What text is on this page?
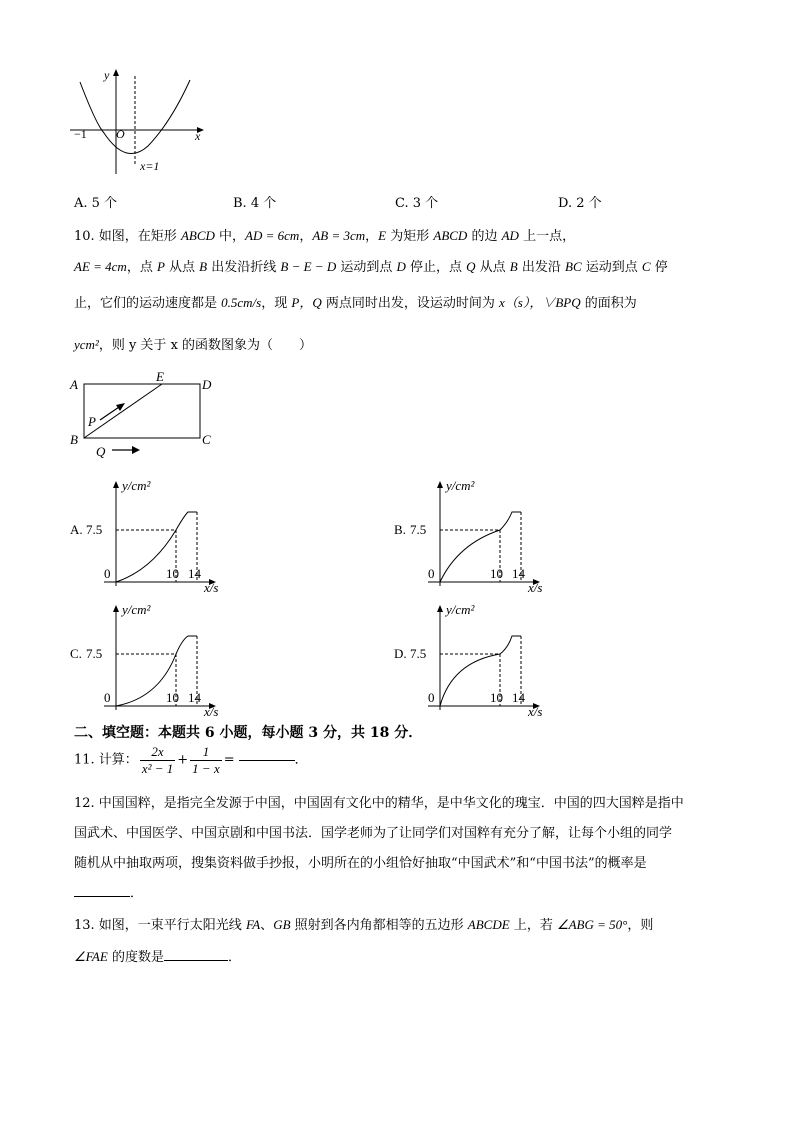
y
x
O
−1
x=1
A. 5 个	B. 4 个	C. 3 个	D. 2 个
10. 如图，在矩形 ABCD 中，AD = 6cm，AB = 3cm，E 为矩形 ABCD 的边 AD 上一点，
AE = 4cm，点 P 从点 B 出发沿折线 B − E − D 运动到点 D 停止，点 Q 从点 B 出发沿 BC 运动到点 C 停
止，它们的运动速度都是 0.5cm/s，现 P，Q 两点同时出发，设运动时间为 x（s），∨BPQ 的面积为
ycm²，则 y 关于 x 的函数图象为（　　）
A
E
D
P
B	C
Q
A.
y/cm²
x/s
7.5
0	10 14
B.
y/cm²
x/s
7.5
0	10 14
C.
y/cm²
x/s
7.5
0	10 14
D.
y/cm²
x/s
7.5
0	10 14
二、填空题：本题共 6 小题，每小题 3 分，共 18 分．
11. 计算： $\frac{2x}{\text{x² − 1}} + \frac{1}{1 - x}$ =	．
12. 中国国粹，是指完全发源于中国，中国固有文化中的精华，是中华文化的瑰宝．中国的四大国粹是指中
国武术、中国医学、中国京剧和中国书法．国学老师为了让同学们对国粹有充分了解，让每个小组的同学
随机从中抽取两项，搜集资料做手抄报，小明所在的小组恰好抽取“中国武术”和“中国书法”的概率是
．
13. 如图，一束平行太阳光线 FA、GB 照射到各内角都相等的五边形 ABCDE 上，若 ∠ABG = 50°，则
∠FAE 的度数是	．
